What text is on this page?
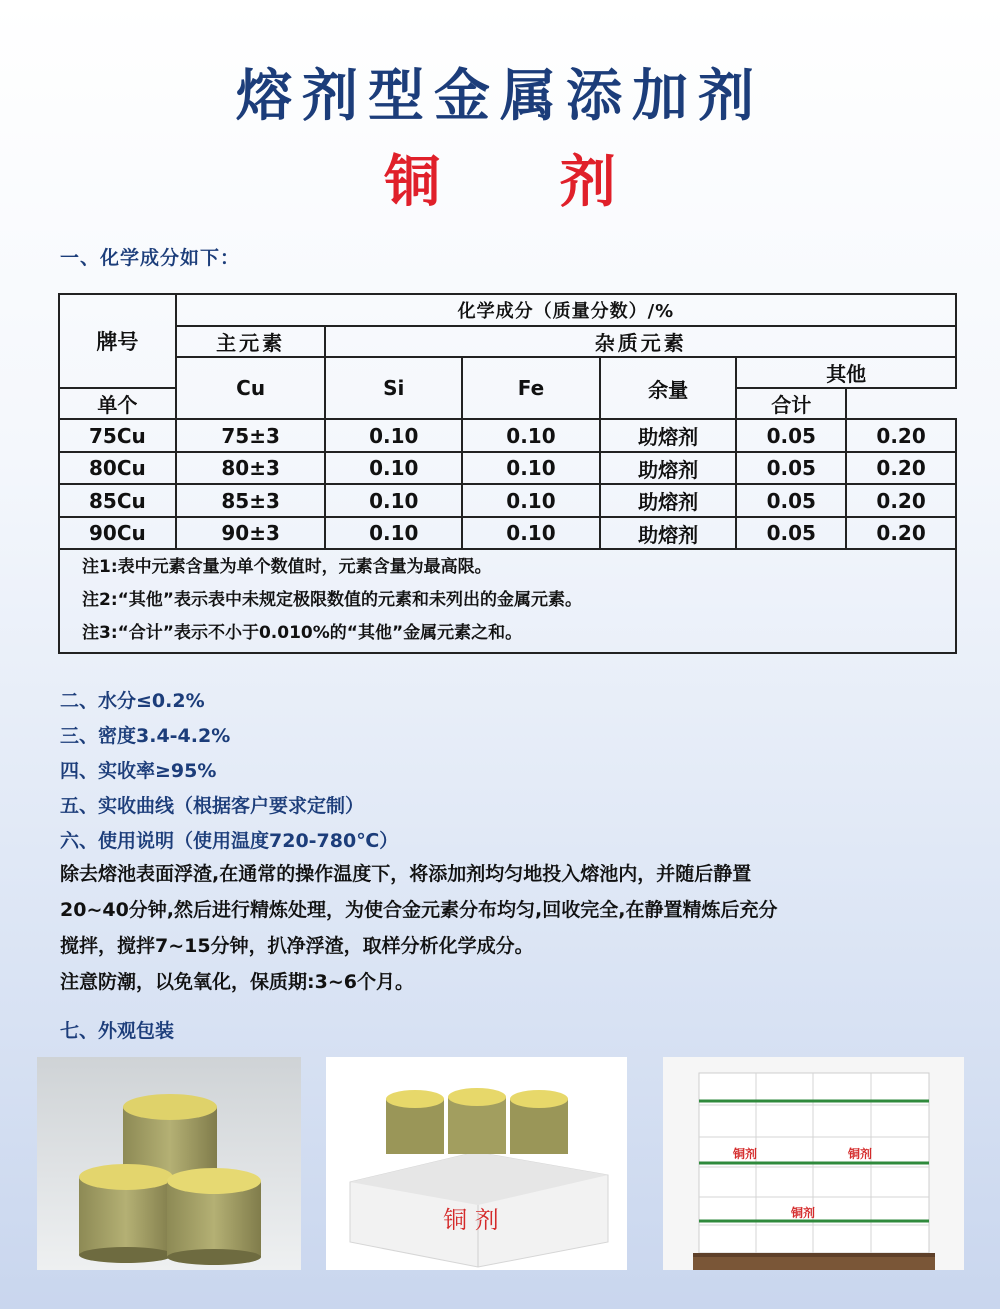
熔剂型金属添加剂
铜 剂
一、化学成分如下：
牌号	化学成分（质量分数）/%					
	主元素	杂质元素				
	Cu	Si	Fe	余量	其他	
单个					合计	
75Cu	75±3	0.10	0.10	助熔剂	0.05	0.20
80Cu	80±3	0.10	0.10	助熔剂	0.05	0.20
85Cu	85±3	0.10	0.10	助熔剂	0.05	0.20
90Cu	90±3	0.10	0.10	助熔剂	0.05	0.20
注1:表中元素含量为单个数值时，元素含量为最高限。
注2:“其他”表示表中未规定极限数值的元素和未列出的金属元素。
注3:“合计”表示不小于0.010%的“其他”金属元素之和。
二、水分≤0.2%
三、密度3.4-4.2%
四、实收率≥95%
五、实收曲线（根据客户要求定制）
六、使用说明（使用温度720-780℃）
除去熔池表面浮渣,在通常的操作温度下，将添加剂均匀地投入熔池内，并随后静置
20~40分钟,然后进行精炼处理，为使合金元素分布均匀,回收完全,在静置精炼后充分
搅拌，搅拌7~15分钟，扒净浮渣，取样分析化学成分。
注意防潮，以免氧化，保质期:3~6个月。
七、外观包装
铜 剂
铜剂	铜剂
铜剂
